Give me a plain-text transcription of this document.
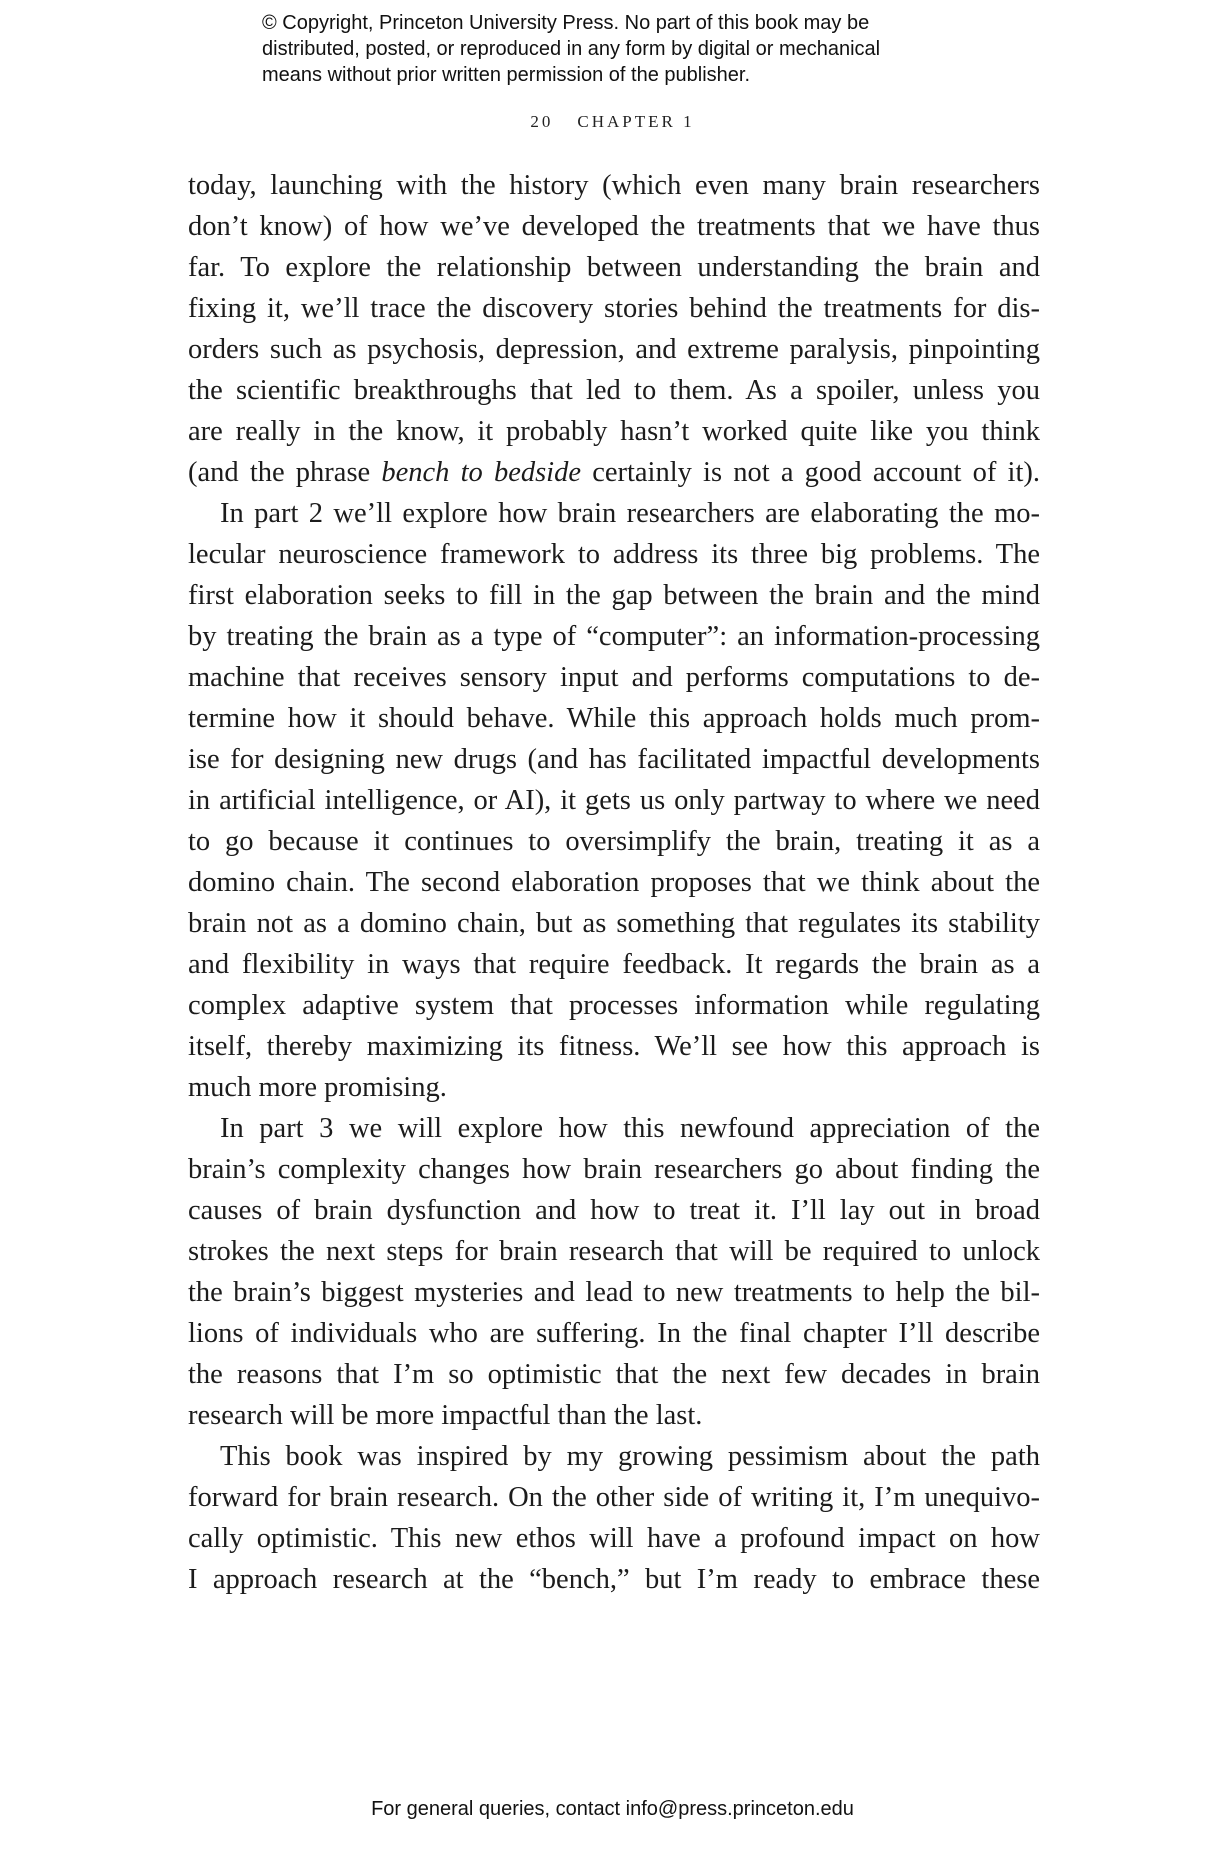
© Copyright, Princeton University Press. No part of this book may be
distributed, posted, or reproduced in any form by digital or mechanical
means without prior written permission of the publisher.
20 CHAPTER 1
today, launching with the history (which even many brain researchers
don’t know) of how we’ve developed the treatments that we have thus
far. To explore the relationship between understanding the brain and
fixing it, we’ll trace the discovery stories behind the treatments for dis-
orders such as psychosis, depression, and extreme paralysis, pinpointing
the scientific breakthroughs that led to them. As a spoiler, unless you
are really in the know, it probably hasn’t worked quite like you think
(and the phrase bench to bedside certainly is not a good account of it).
In part 2 we’ll explore how brain researchers are elaborating the mo-
lecular neuroscience framework to address its three big problems. The
first elaboration seeks to fill in the gap between the brain and the mind
by treating the brain as a type of “computer”: an information-processing
machine that receives sensory input and performs computations to de-
termine how it should behave. While this approach holds much prom-
ise for designing new drugs (and has facilitated impactful developments
in artificial intelligence, or AI), it gets us only partway to where we need
to go because it continues to oversimplify the brain, treating it as a
domino chain. The second elaboration proposes that we think about the
brain not as a domino chain, but as something that regulates its stability
and flexibility in ways that require feedback. It regards the brain as a
complex adaptive system that processes information while regulating
itself, thereby maximizing its fitness. We’ll see how this approach is
much more promising.
In part 3 we will explore how this newfound appreciation of the
brain’s complexity changes how brain researchers go about finding the
causes of brain dysfunction and how to treat it. I’ll lay out in broad
strokes the next steps for brain research that will be required to unlock
the brain’s biggest mysteries and lead to new treatments to help the bil-
lions of individuals who are suffering. In the final chapter I’ll describe
the reasons that I’m so optimistic that the next few decades in brain
research will be more impactful than the last.
This book was inspired by my growing pessimism about the path
forward for brain research. On the other side of writing it, I’m unequivo-
cally optimistic. This new ethos will have a profound impact on how
I approach research at the “bench,” but I’m ready to embrace these
For general queries, contact info@press.princeton.edu
